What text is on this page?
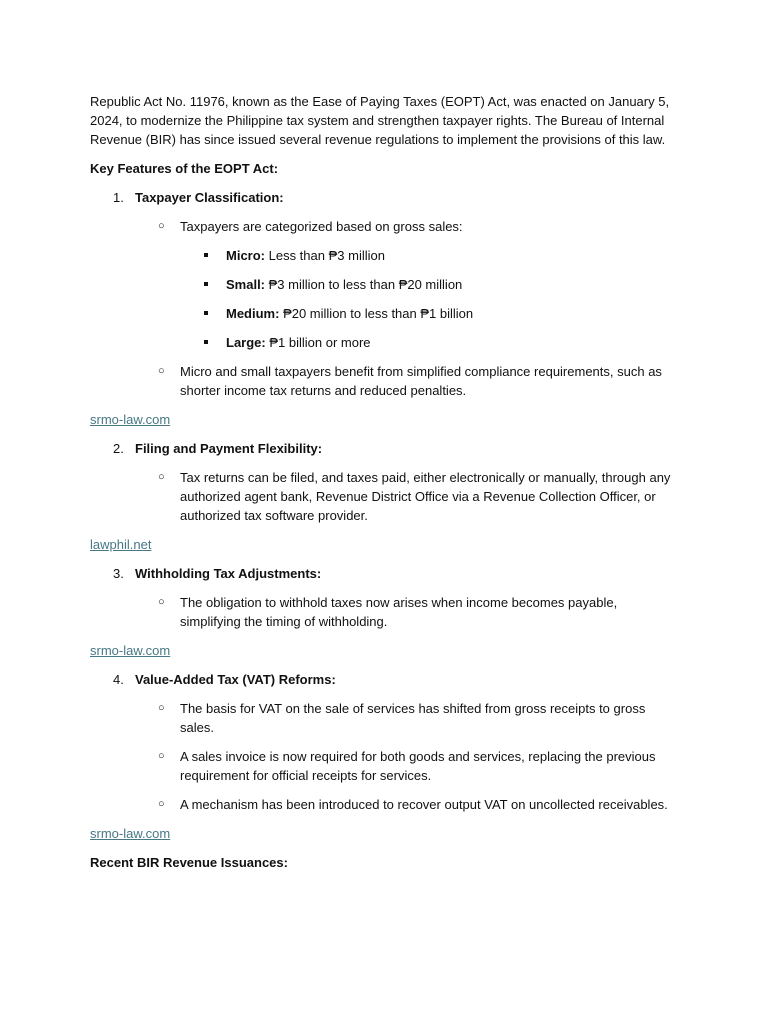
Republic Act No. 11976, known as the Ease of Paying Taxes (EOPT) Act, was enacted on January 5, 2024, to modernize the Philippine tax system and strengthen taxpayer rights. The Bureau of Internal Revenue (BIR) has since issued several revenue regulations to implement the provisions of this law.

Key Features of the EOPT Act:

1. Taxpayer Classification:
○ Taxpayers are categorized based on gross sales:
Micro: Less than ₱3 million
Small: ₱3 million to less than ₱20 million
Medium: ₱20 million to less than ₱1 billion
Large: ₱1 billion or more
○ Micro and small taxpayers benefit from simplified compliance requirements, such as shorter income tax returns and reduced penalties.
srmo-law.com
2. Filing and Payment Flexibility:
○ Tax returns can be filed, and taxes paid, either electronically or manually, through any authorized agent bank, Revenue District Office via a Revenue Collection Officer, or authorized tax software provider.
lawphil.net
3. Withholding Tax Adjustments:
○ The obligation to withhold taxes now arises when income becomes payable, simplifying the timing of withholding.
srmo-law.com
4. Value-Added Tax (VAT) Reforms:
○ The basis for VAT on the sale of services has shifted from gross receipts to gross sales.
○ A sales invoice is now required for both goods and services, replacing the previous requirement for official receipts for services.
○ A mechanism has been introduced to recover output VAT on uncollected receivables.
srmo-law.com

Recent BIR Revenue Issuances:
